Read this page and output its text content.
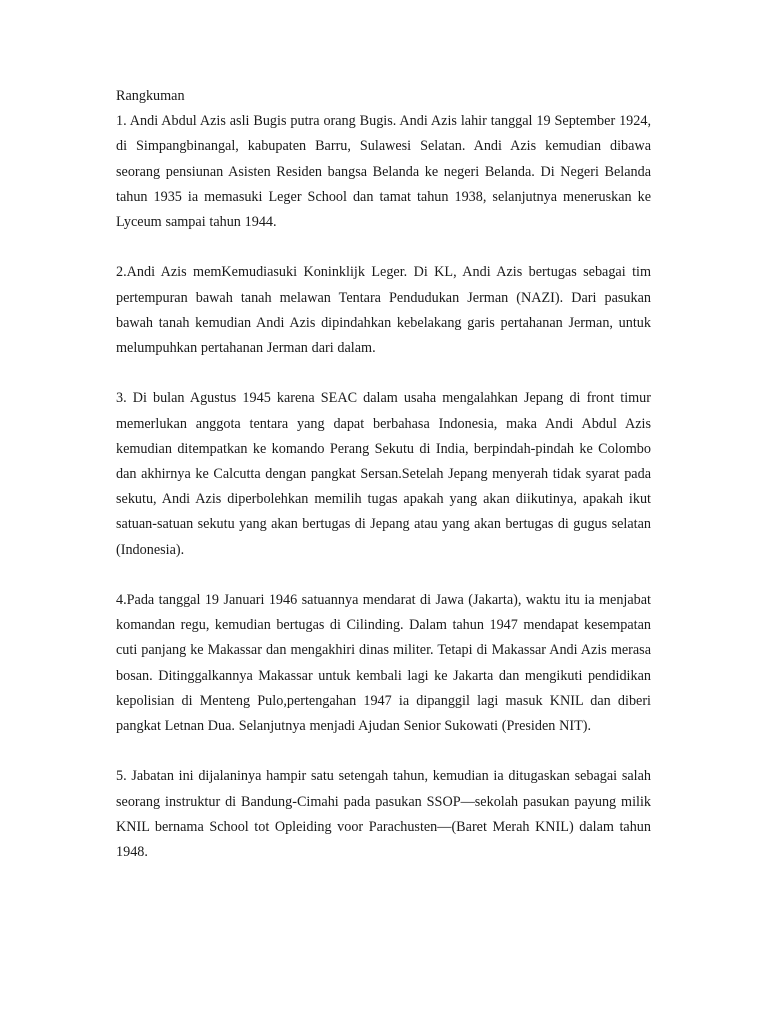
Rangkuman

1. Andi Abdul Azis asli Bugis putra orang Bugis. Andi Azis lahir tanggal 19 September 1924, di Simpangbinangal, kabupaten Barru, Sulawesi Selatan. Andi Azis kemudian dibawa seorang pensiunan Asisten Residen bangsa Belanda ke negeri Belanda. Di Negeri Belanda tahun 1935 ia memasuki Leger School dan tamat tahun 1938, selanjutnya meneruskan ke Lyceum sampai tahun 1944.

2.Andi Azis memKemudiasuki Koninklijk Leger. Di KL, Andi Azis bertugas sebagai tim pertempuran bawah tanah melawan Tentara Pendudukan Jerman (NAZI). Dari pasukan bawah tanah kemudian Andi Azis dipindahkan kebelakang garis pertahanan Jerman, untuk melumpuhkan pertahanan Jerman dari dalam.

3. Di bulan Agustus 1945 karena SEAC dalam usaha mengalahkan Jepang di front timur memerlukan anggota tentara yang dapat berbahasa Indonesia, maka Andi Abdul Azis kemudian ditempatkan ke komando Perang Sekutu di India, berpindah-pindah ke Colombo dan akhirnya ke Calcutta dengan pangkat Sersan.Setelah Jepang menyerah tidak syarat pada sekutu, Andi Azis diperbolehkan memilih tugas apakah yang akan diikutinya, apakah ikut satuan-satuan sekutu yang akan bertugas di Jepang atau yang akan bertugas di gugus selatan (Indonesia).

4.Pada tanggal 19 Januari 1946 satuannya mendarat di Jawa (Jakarta), waktu itu ia menjabat komandan regu, kemudian bertugas di Cilinding. Dalam tahun 1947 mendapat kesempatan cuti panjang ke Makassar dan mengakhiri dinas militer. Tetapi di Makassar Andi Azis merasa bosan. Ditinggalkannya Makassar untuk kembali lagi ke Jakarta dan mengikuti pendidikan kepolisian di Menteng Pulo,pertengahan 1947 ia dipanggil lagi masuk KNIL dan diberi pangkat Letnan Dua. Selanjutnya menjadi Ajudan Senior Sukowati (Presiden NIT).

5. Jabatan ini dijalaninya hampir satu setengah tahun, kemudian ia ditugaskan sebagai salah seorang instruktur di Bandung-Cimahi pada pasukan SSOP—sekolah pasukan payung milik KNIL bernama School tot Opleiding voor Parachusten—(Baret Merah KNIL) dalam tahun 1948.
